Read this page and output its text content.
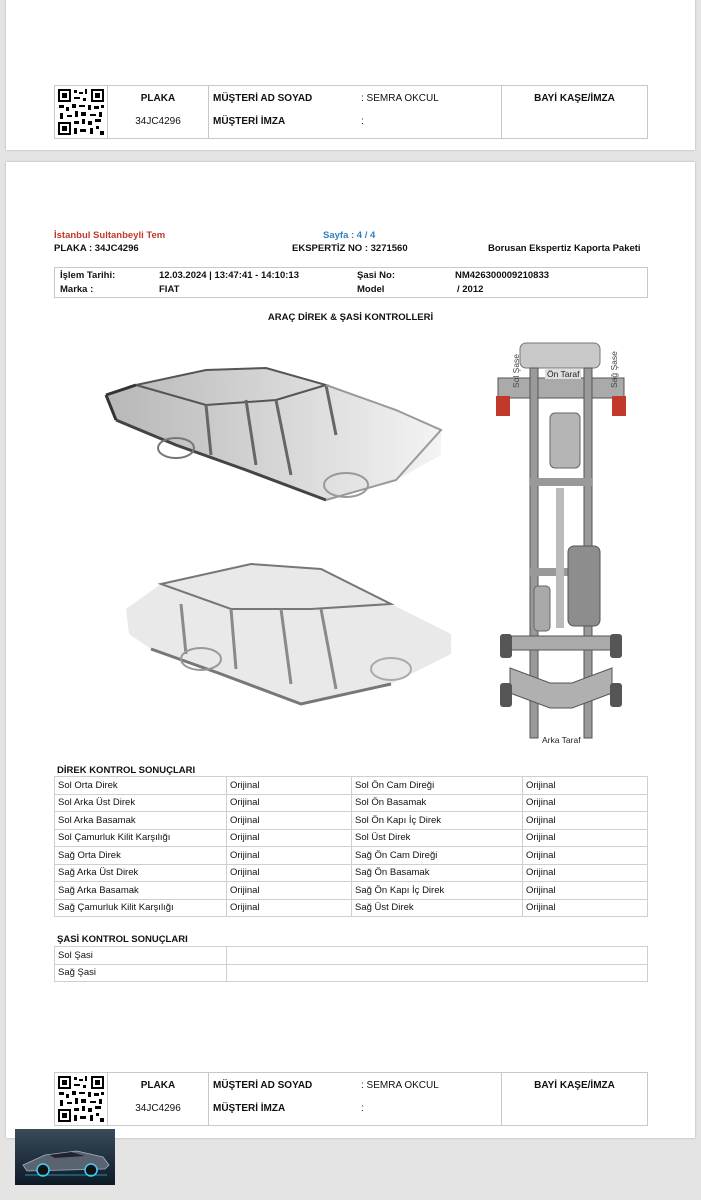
PLAKA
34JC4296
MÜŞTERİ AD SOYAD	: SEMRA OKCUL
MÜŞTERİ İMZA	:
BAYİ KAŞE/İMZA
İstanbul Sultanbeyli Tem	Sayfa : 4 / 4
PLAKA : 34JC4296	EKSPERTİZ NO : 3271560	Borusan Ekspertiz Kaporta Paketi
İşlem Tarihi:	12.03.2024 | 13:47:41 - 14:10:13	Şasi No:	NM426300009210833
Marka :	FIAT	Model	/ 2012
ARAÇ DİREK & ŞASİ KONTROLLERİ
Sol Şase	Sağ Şase
Ön Taraf
Arka Taraf
DİREK KONTROL SONUÇLARI
Sol Orta Direk	Orijinal	Sol Ön Cam Direği	Orijinal
Sol Arka Üst Direk	Orijinal	Sol Ön Basamak	Orijinal
Sol Arka Basamak	Orijinal	Sol Ön Kapı İç Direk	Orijinal
Sol Çamurluk Kilit Karşılığı	Orijinal	Sol Üst Direk	Orijinal
Sağ Orta Direk	Orijinal	Sağ Ön Cam Direği	Orijinal
Sağ Arka Üst Direk	Orijinal	Sağ Ön Basamak	Orijinal
Sağ Arka Basamak	Orijinal	Sağ Ön Kapı İç Direk	Orijinal
Sağ Çamurluk Kilit Karşılığı	Orijinal	Sağ Üst Direk	Orijinal
ŞASİ KONTROL SONUÇLARI
Sol Şasi	
Sağ Şasi	
PLAKA
34JC4296
MÜŞTERİ AD SOYAD	: SEMRA OKCUL
MÜŞTERİ İMZA	:
BAYİ KAŞE/İMZA
